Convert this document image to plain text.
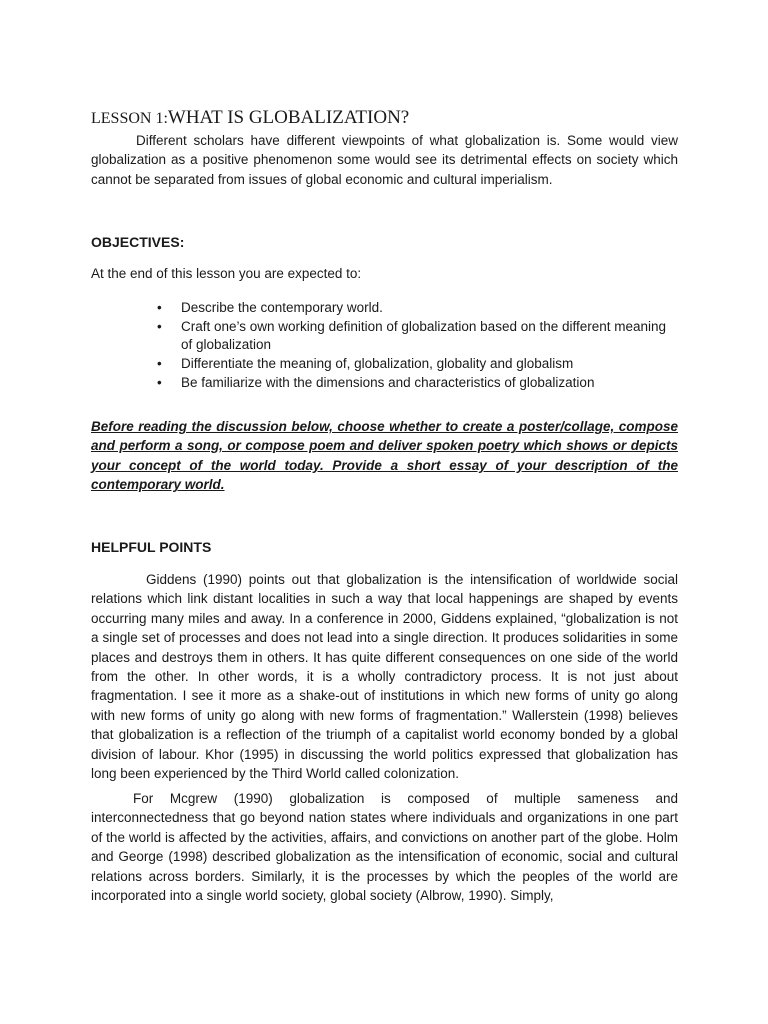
LESSON 1:WHAT IS GLOBALIZATION?

Different scholars have different viewpoints of what globalization is. Some would view globalization as a positive phenomenon some would see its detrimental effects on society which cannot be separated from issues of global economic and cultural imperialism.

OBJECTIVES:

At the end of this lesson you are expected to:

• Describe the contemporary world.
• Craft one’s own working definition of globalization based on the different meaning of globalization
• Differentiate the meaning of, globalization, globality and globalism
• Be familiarize with the dimensions and characteristics of globalization

Before reading the discussion below, choose whether to create a poster/collage, compose and perform a song, or compose poem and deliver spoken poetry which shows or depicts your concept of the world today. Provide a short essay of your description of the contemporary world.

HELPFUL POINTS

Giddens (1990) points out that globalization is the intensification of worldwide social relations which link distant localities in such a way that local happenings are shaped by events occurring many miles and away. In a conference in 2000, Giddens explained, “globalization is not a single set of processes and does not lead into a single direction. It produces solidarities in some places and destroys them in others. It has quite different consequences on one side of the world from the other. In other words, it is a wholly contradictory process. It is not just about fragmentation. I see it more as a shake-out of institutions in which new forms of unity go along with new forms of unity go along with new forms of fragmentation.” Wallerstein (1998) believes that globalization is a reflection of the triumph of a capitalist world economy bonded by a global division of labour. Khor (1995) in discussing the world politics expressed that globalization has long been experienced by the Third World called colonization.

For Mcgrew (1990) globalization is composed of multiple sameness and interconnectedness that go beyond nation states where individuals and organizations in one part of the world is affected by the activities, affairs, and convictions on another part of the globe. Holm and George (1998) described globalization as the intensification of economic, social and cultural relations across borders. Similarly, it is the processes by which the peoples of the world are incorporated into a single world society, global society (Albrow, 1990). Simply,
